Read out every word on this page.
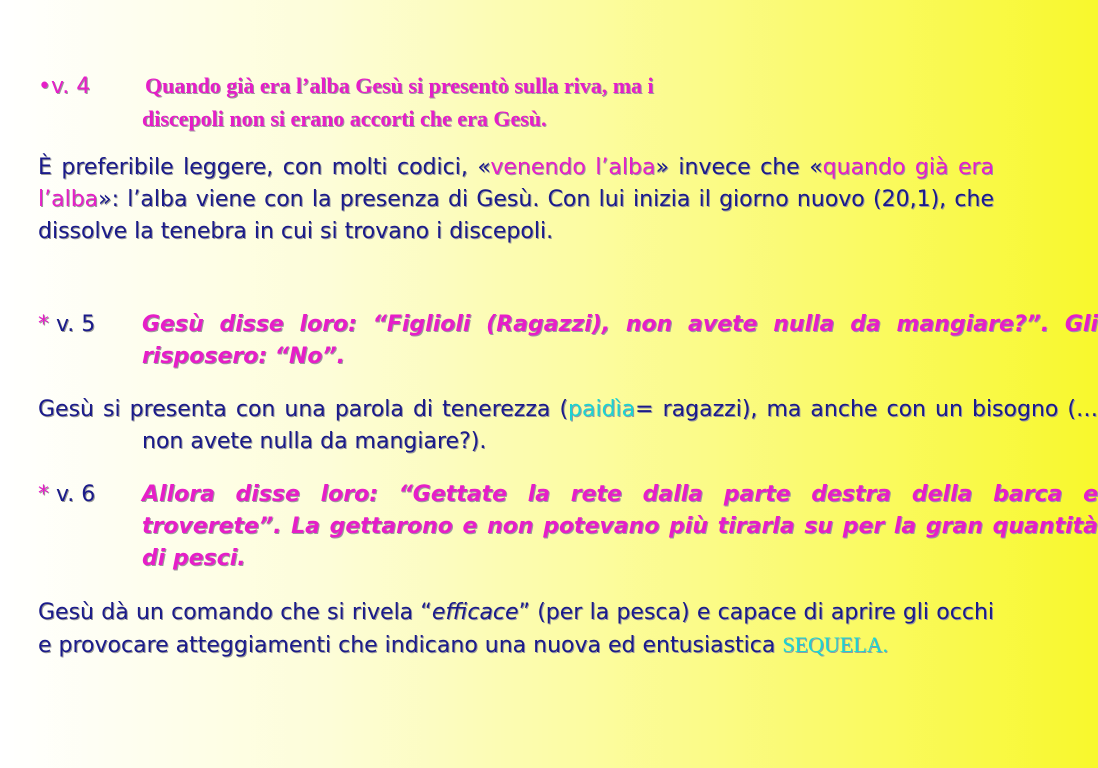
•v. 4 Quando già era l’alba Gesù si presentò sulla riva, ma i
discepoli non si erano accorti che era Gesù.
È preferibile leggere, con molti codici, «venendo l’alba» invece che «quando già era l’alba»: l’alba viene con la presenza di Gesù. Con lui inizia il giorno nuovo (20,1), che dissolve la tenebra in cui si trovano i discepoli.
* v. 5 Gesù disse loro: “Figlioli (Ragazzi), non avete nulla da mangiare?”. Gli risposero: “No”.
Gesù si presenta con una parola di tenerezza (paidìa= ragazzi), ma anche con un bisogno (… non avete nulla da mangiare?).
* v. 6 Allora disse loro: “Gettate la rete dalla parte destra della barca e troverete”. La gettarono e non potevano più tirarla su per la gran quantità di pesci.
Gesù dà un comando che si rivela “efficace” (per la pesca) e capace di aprire gli occhi e provocare atteggiamenti che indicano una nuova ed entusiastica SEQUELA.
